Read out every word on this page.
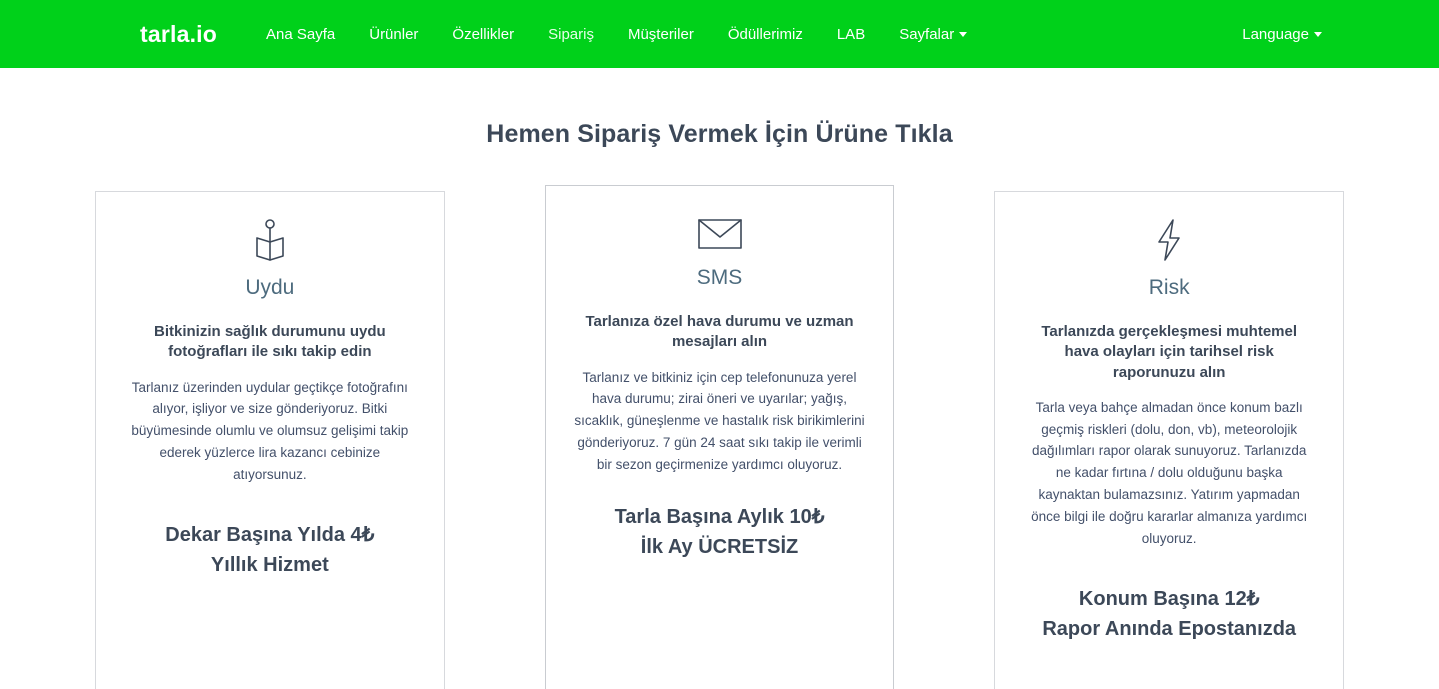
tarla.io	Ana Sayfa	Ürünler	Özellikler	Sipariş	Müşteriler	Ödüllerimiz	LAB	Sayfalar	Language
Hemen Sipariş Vermek İçin Ürüne Tıkla
Uydu

Bitkinizin sağlık durumunu uydu fotoğrafları ile sıkı takip edin

Tarlanız üzerinden uydular geçtikçe fotoğrafını alıyor, işliyor ve size gönderiyoruz. Bitki büyümesinde olumlu ve olumsuz gelişimi takip ederek yüzlerce lira kazancı cebinize atıyorsunuz.

Dekar Başına Yılda 4₺
Yıllık Hizmet
SMS

Tarlanıza özel hava durumu ve uzman mesajları alın

Tarlanız ve bitkiniz için cep telefonunuza yerel hava durumu; zirai öneri ve uyarılar; yağış, sıcaklık, güneşlenme ve hastalık risk birikimlerini gönderiyoruz. 7 gün 24 saat sıkı takip ile verimli bir sezon geçirmenize yardımcı oluyoruz.

Tarla Başına Aylık 10₺
İlk Ay ÜCRETSİZ
Risk

Tarlanızda gerçekleşmesi muhtemel hava olayları için tarihsel risk raporunuzu alın

Tarla veya bahçe almadan önce konum bazlı geçmiş riskleri (dolu, don, vb), meteorolojik dağılımları rapor olarak sunuyoruz. Tarlanızda ne kadar fırtına / dolu olduğunu başka kaynaktan bulamazsınız. Yatırım yapmadan önce bilgi ile doğru kararlar almanıza yardımcı oluyoruz.

Konum Başına 12₺
Rapor Anında Epostanızda
